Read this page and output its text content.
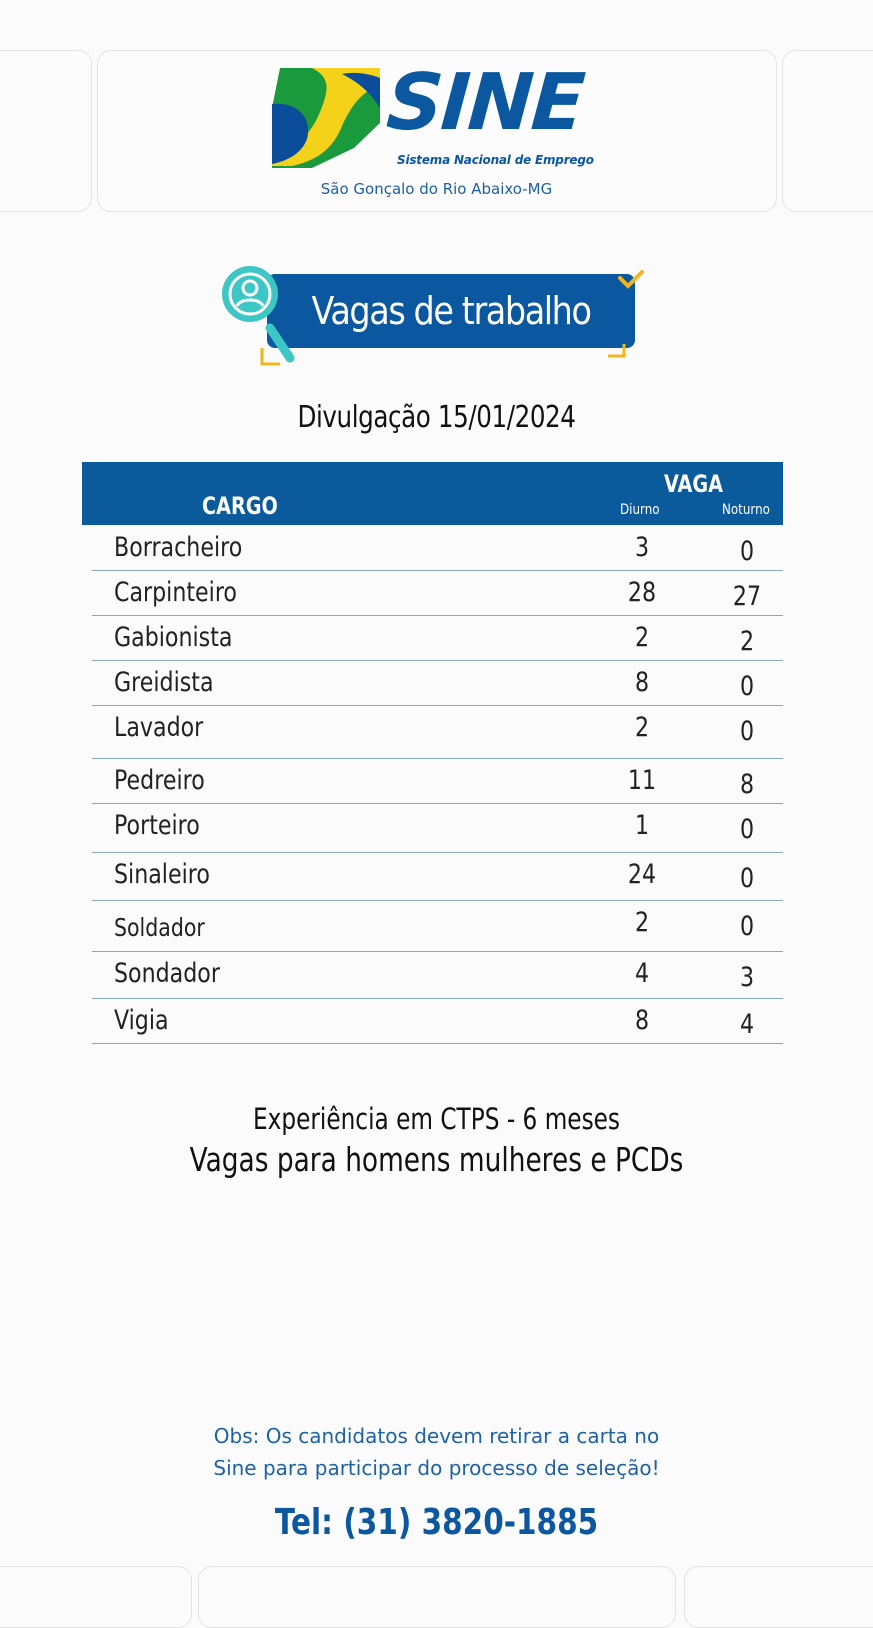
SINE
Sistema Nacional de Emprego
São Gonçalo do Rio Abaixo-MG
Vagas de trabalho
Divulgação 15/01/2024
CARGO
VAGA
Diurno	Noturno
Borracheiro	3	0
Carpinteiro	28	27
Gabionista	2	2
Greidista	8	0
Lavador	2	0
Pedreiro	11	8
Porteiro	1	0
Sinaleiro	24	0
Soldador	2	0
Sondador	4	3
Vigia	8	4
Experiência em CTPS - 6 meses
Vagas para homens mulheres e PCDs
Obs: Os candidatos devem retirar a carta no
Sine para participar do processo de seleção!
Tel: (31) 3820-1885
